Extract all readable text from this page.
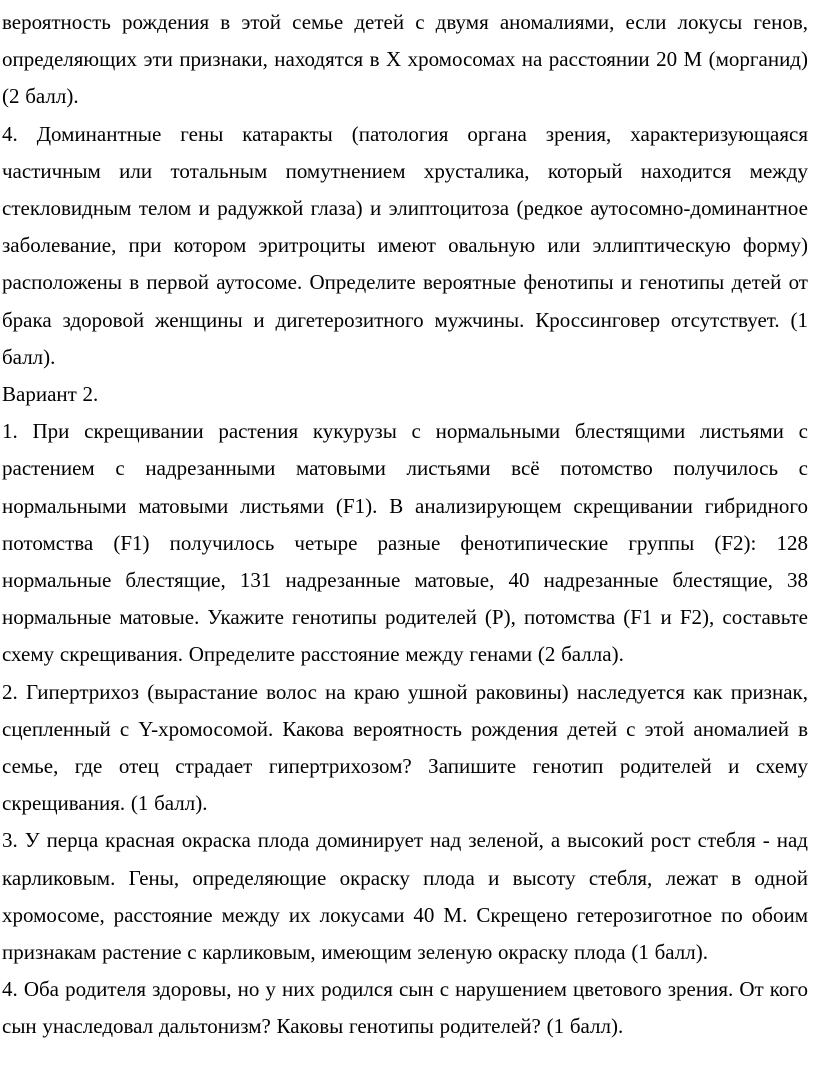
вероятность рождения в этой семье детей с двумя аномалиями, если локусы генов, определяющих эти признаки, находятся в Х хромосомах на расстоянии 20 М (морганид) (2 балл).

4. Доминантные гены катаракты (патология органа зрения, характеризующаяся частичным или тотальным помутнением хрусталика, который находится между стекловидным телом и радужкой глаза) и элиптоцитоза (редкое аутосомно-доминантное заболевание, при котором эритроциты имеют овальную или эллиптическую форму) расположены в первой аутосоме. Определите вероятные фенотипы и генотипы детей от брака здоровой женщины и дигетерозитного мужчины. Кроссинговер отсутствует. (1 балл).

Вариант 2.

1. При скрещивании растения кукурузы с нормальными блестящими листьями с растением с надрезанными матовыми листьями всё потомство получилось с нормальными матовыми листьями (F1). В анализирующем скрещивании гибридного потомства (F1) получилось четыре разные фенотипические группы (F2): 128 нормальные блестящие, 131 надрезанные матовые, 40 надрезанные блестящие, 38 нормальные матовые. Укажите генотипы родителей (P), потомства (F1 и F2), составьте схему скрещивания. Определите расстояние между генами (2 балла).

2. Гипертрихоз (вырастание волос на краю ушной раковины) наследуется как признак, сцепленный с Y-хромосомой. Какова вероятность рождения детей с этой аномалией в семье, где отец страдает гипертрихозом? Запишите генотип родителей и схему скрещивания. (1 балл).

3. У перца красная окраска плода доминирует над зеленой, а высокий рост стебля - над карликовым. Гены, определяющие окраску плода и высоту стебля, лежат в одной хромосоме, расстояние между их локусами 40 М. Скрещено гетерозиготное по обоим признакам растение с карликовым, имеющим зеленую окраску плода (1 балл).

4. Оба родителя здоровы, но у них родился сын с нарушением цветового зрения. От кого сын унаследовал дальтонизм? Каковы генотипы родителей? (1 балл).
